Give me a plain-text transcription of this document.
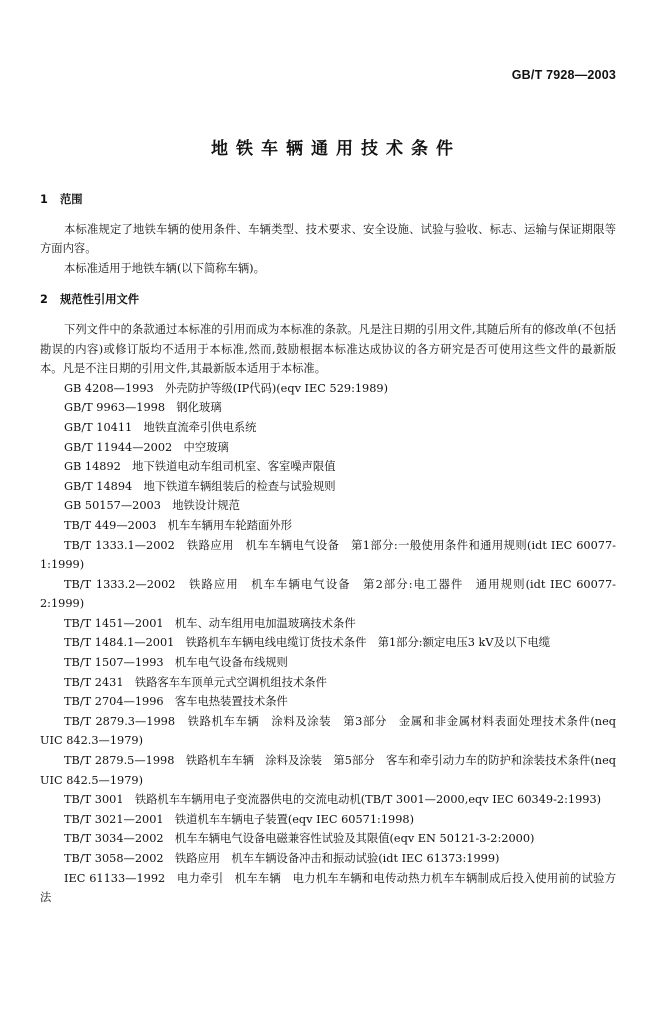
GB/T 7928—2003
地铁车辆通用技术条件
1 范围
本标准规定了地铁车辆的使用条件、车辆类型、技术要求、安全设施、试验与验收、标志、运输与保证期限等方面内容。
本标准适用于地铁车辆(以下简称车辆)。
2 规范性引用文件
下列文件中的条款通过本标准的引用而成为本标准的条款。凡是注日期的引用文件,其随后所有的修改单(不包括勘误的内容)或修订版均不适用于本标准,然而,鼓励根据本标准达成协议的各方研究是否可使用这些文件的最新版本。凡是不注日期的引用文件,其最新版本适用于本标准。
GB 4208—1993　外壳防护等级(IP代码)(eqv IEC 529:1989)
GB/T 9963—1998　钢化玻璃
GB/T 10411　地铁直流牵引供电系统
GB/T 11944—2002　中空玻璃
GB 14892　地下铁道电动车组司机室、客室噪声限值
GB/T 14894　地下铁道车辆组装后的检查与试验规则
GB 50157—2003　地铁设计规范
TB/T 449—2003　机车车辆用车轮踏面外形
TB/T 1333.1—2002　铁路应用　机车车辆电气设备　第1部分:一般使用条件和通用规则(idt IEC 60077-1:1999)
TB/T 1333.2—2002　铁路应用　机车车辆电气设备　第2部分:电工器件　通用规则(idt IEC 60077-2:1999)
TB/T 1451—2001　机车、动车组用电加温玻璃技术条件
TB/T 1484.1—2001　铁路机车车辆电线电缆订货技术条件　第1部分:额定电压3 kV及以下电缆
TB/T 1507—1993　机车电气设备布线规则
TB/T 2431　铁路客车车顶单元式空调机组技术条件
TB/T 2704—1996　客车电热装置技术条件
TB/T 2879.3—1998　铁路机车车辆　涂料及涂装　第3部分　金属和非金属材料表面处理技术条件(neq UIC 842.3—1979)
TB/T 2879.5—1998　铁路机车车辆　涂料及涂装　第5部分　客车和牵引动力车的防护和涂装技术条件(neq UIC 842.5—1979)
TB/T 3001　铁路机车车辆用电子变流器供电的交流电动机(TB/T 3001—2000,eqv IEC 60349-2:1993)
TB/T 3021—2001　铁道机车车辆电子装置(eqv IEC 60571:1998)
TB/T 3034—2002　机车车辆电气设备电磁兼容性试验及其限值(eqv EN 50121-3-2:2000)
TB/T 3058—2002　铁路应用　机车车辆设备冲击和振动试验(idt IEC 61373:1999)
IEC 61133—1992　电力牵引　机车车辆　电力机车车辆和电传动热力机车车辆制成后投入使用前的试验方法
